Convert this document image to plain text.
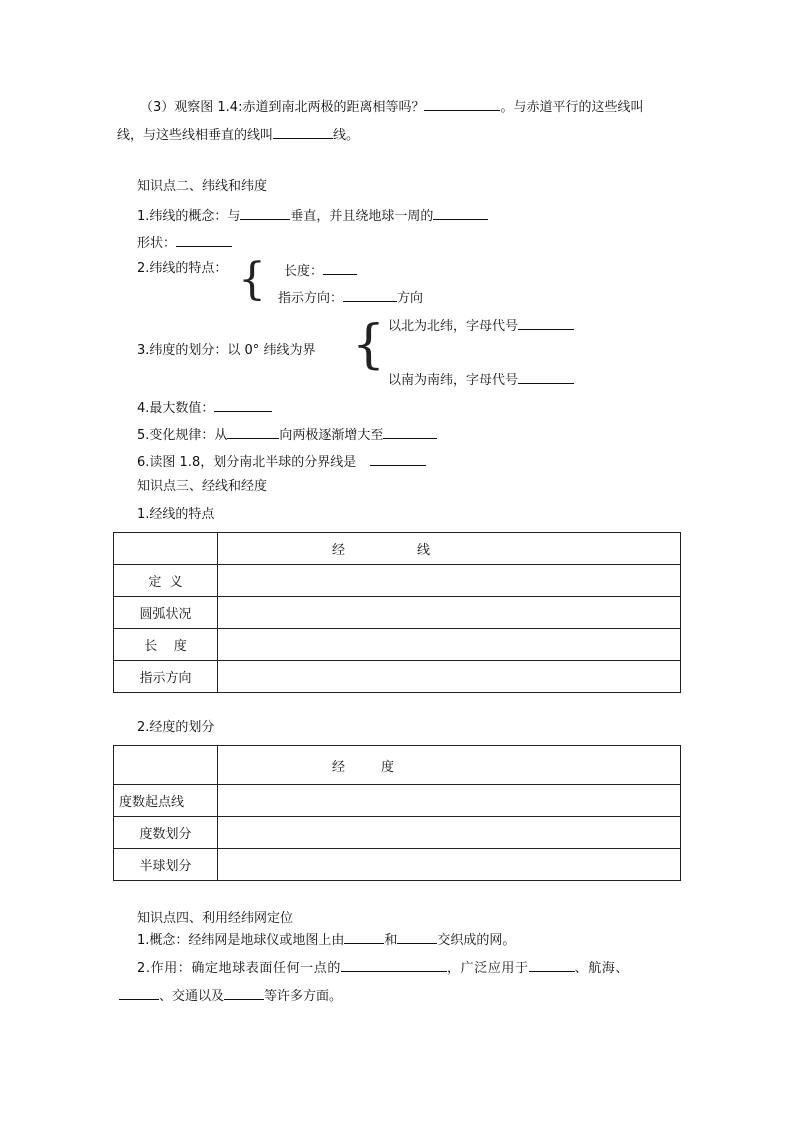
（3）观察图 1.4:赤道到南北两极的距离相等吗？	。与赤道平行的这些线叫
线，与这些线相垂直的线叫	线。
知识点二、纬线和纬度
1.纬线的概念：与	垂直，并且绕地球一周的
形状：
2.纬线的特点： { 长度：
指示方向：	方向
3.纬度的划分：以 0° 纬线为界 { 以北为北纬，字母代号
以南为南纬，字母代号
4.最大数值：
5.变化规律：从	向两极逐渐增大至
6.读图 1.8，划分南北半球的分界线是
知识点三、经线和经度
1.经线的特点
	经 线
定  义	
圆弧状况	
长    度	
指示方向	
2.经度的划分
	经 度
度数起点线	
度数划分	
半球划分	
知识点四、利用经纬网定位
1.概念：经纬网是地球仪或地图上由	和	交织成的网。
2.作用：确定地球表面任何一点的	，广泛应用于	、航海、
、交通以及	等许多方面。
